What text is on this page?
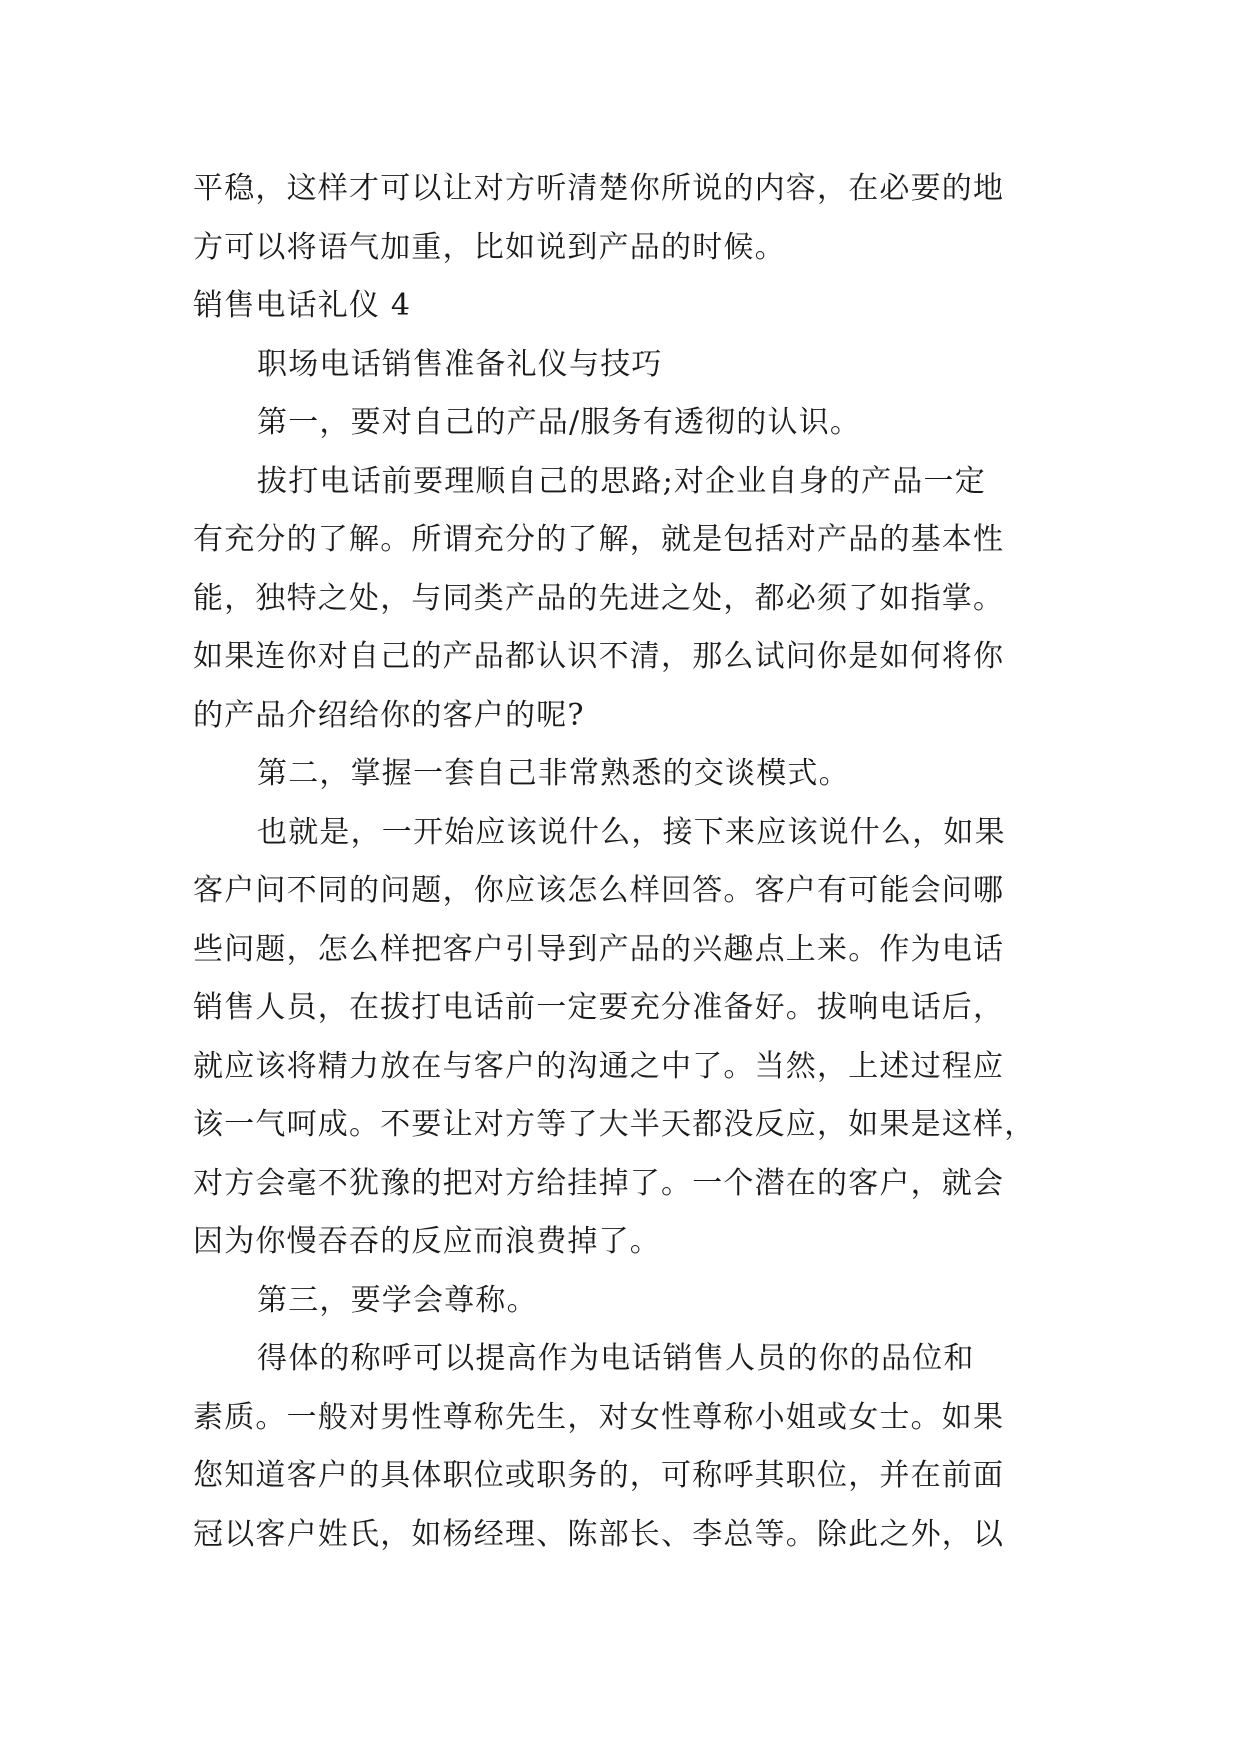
平稳，这样才可以让对方听清楚你所说的内容，在必要的地
方可以将语气加重，比如说到产品的时候。
销售电话礼仪 4
职场电话销售准备礼仪与技巧
第一，要对自己的产品/服务有透彻的认识。
拔打电话前要理顺自己的思路;对企业自身的产品一定
有充分的了解。所谓充分的了解，就是包括对产品的基本性
能，独特之处，与同类产品的先进之处，都必须了如指掌。
如果连你对自己的产品都认识不清，那么试问你是如何将你
的产品介绍给你的客户的呢?
第二，掌握一套自己非常熟悉的交谈模式。
也就是，一开始应该说什么，接下来应该说什么，如果
客户问不同的问题，你应该怎么样回答。客户有可能会问哪
些问题，怎么样把客户引导到产品的兴趣点上来。作为电话
销售人员，在拔打电话前一定要充分准备好。拔响电话后，
就应该将精力放在与客户的沟通之中了。当然，上述过程应
该一气呵成。不要让对方等了大半天都没反应，如果是这样，
对方会毫不犹豫的把对方给挂掉了。一个潜在的客户，就会
因为你慢吞吞的反应而浪费掉了。
第三，要学会尊称。
得体的称呼可以提高作为电话销售人员的你的品位和
素质。一般对男性尊称先生，对女性尊称小姐或女士。如果
您知道客户的具体职位或职务的，可称呼其职位，并在前面
冠以客户姓氏，如杨经理、陈部长、李总等。除此之外，以
